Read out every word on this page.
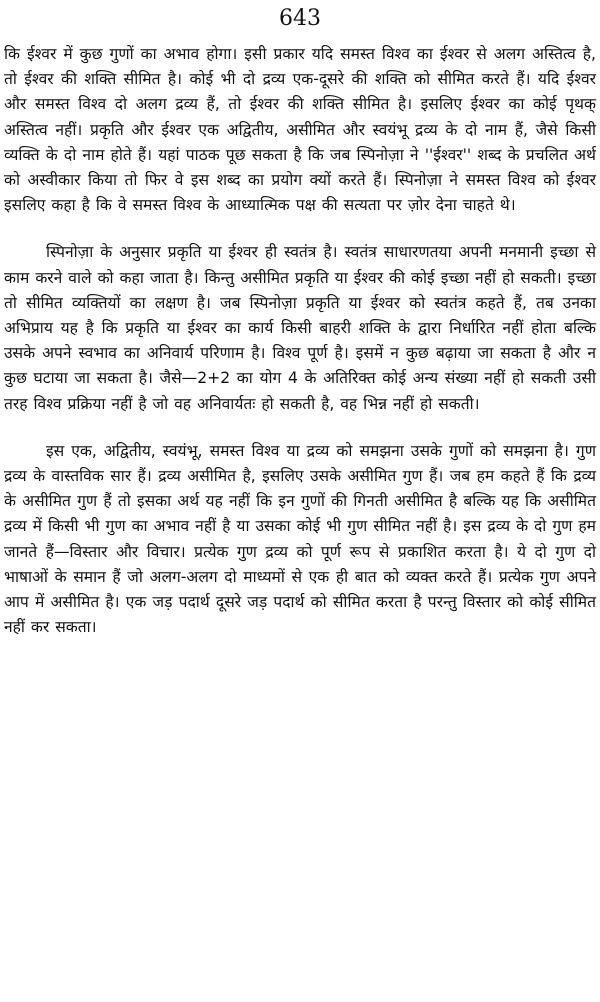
643

कि ईश्वर में कुछ गुणों का अभाव होगा। इसी प्रकार यदि समस्त विश्व का ईश्वर से अलग अस्तित्व है, तो ईश्वर की शक्ति सीमित है। कोई भी दो द्रव्य एक-दूसरे की शक्ति को सीमित करते हैं। यदि ईश्वर और समस्त विश्व दो अलग द्रव्य हैं, तो ईश्वर की शक्ति सीमित है। इसलिए ईश्वर का कोई पृथक् अस्तित्व नहीं। प्रकृति और ईश्वर एक अद्वितीय, असीमित और स्वयंभू द्रव्य के दो नाम हैं, जैसे किसी व्यक्ति के दो नाम होते हैं। यहां पाठक पूछ सकता है कि जब स्पिनोज़ा ने ''ईश्वर'' शब्द के प्रचलित अर्थ को अस्वीकार किया तो फिर वे इस शब्द का प्रयोग क्यों करते हैं। स्पिनोज़ा ने समस्त विश्व को ईश्वर इसलिए कहा है कि वे समस्त विश्व के आध्यात्मिक पक्ष की सत्यता पर ज़ोर देना चाहते थे।

स्पिनोज़ा के अनुसार प्रकृति या ईश्वर ही स्वतंत्र है। स्वतंत्र साधारणतया अपनी मनमानी इच्छा से काम करने वाले को कहा जाता है। किन्तु असीमित प्रकृति या ईश्वर की कोई इच्छा नहीं हो सकती। इच्छा तो सीमित व्यक्तियों का लक्षण है। जब स्पिनोज़ा प्रकृति या ईश्वर को स्वतंत्र कहते हैं, तब उनका अभिप्राय यह है कि प्रकृति या ईश्वर का कार्य किसी बाहरी शक्ति के द्वारा निर्धारित नहीं होता बल्कि उसके अपने स्वभाव का अनिवार्य परिणाम है। विश्व पूर्ण है। इसमें न कुछ बढ़ाया जा सकता है और न कुछ घटाया जा सकता है। जैसे—2+2 का योग 4 के अतिरिक्त कोई अन्य संख्या नहीं हो सकती उसी तरह विश्व प्रक्रिया नहीं है जो वह अनिवार्यतः हो सकती है, वह भिन्न नहीं हो सकती।

इस एक, अद्वितीय, स्वयंभू, समस्त विश्व या द्रव्य को समझना उसके गुणों को समझना है। गुण द्रव्य के वास्तविक सार हैं। द्रव्य असीमित है, इसलिए उसके असीमित गुण हैं। जब हम कहते हैं कि द्रव्य के असीमित गुण हैं तो इसका अर्थ यह नहीं कि इन गुणों की गिनती असीमित है बल्कि यह कि असीमित द्रव्य में किसी भी गुण का अभाव नहीं है या उसका कोई भी गुण सीमित नहीं है। इस द्रव्य के दो गुण हम जानते हैं—विस्तार और विचार। प्रत्येक गुण द्रव्य को पूर्ण रूप से प्रकाशित करता है। ये दो गुण दो भाषाओं के समान हैं जो अलग-अलग दो माध्यमों से एक ही बात को व्यक्त करते हैं। प्रत्येक गुण अपने आप में असीमित है। एक जड़ पदार्थ दूसरे जड़ पदार्थ को सीमित करता है परन्तु विस्तार को कोई सीमित नहीं कर सकता।
